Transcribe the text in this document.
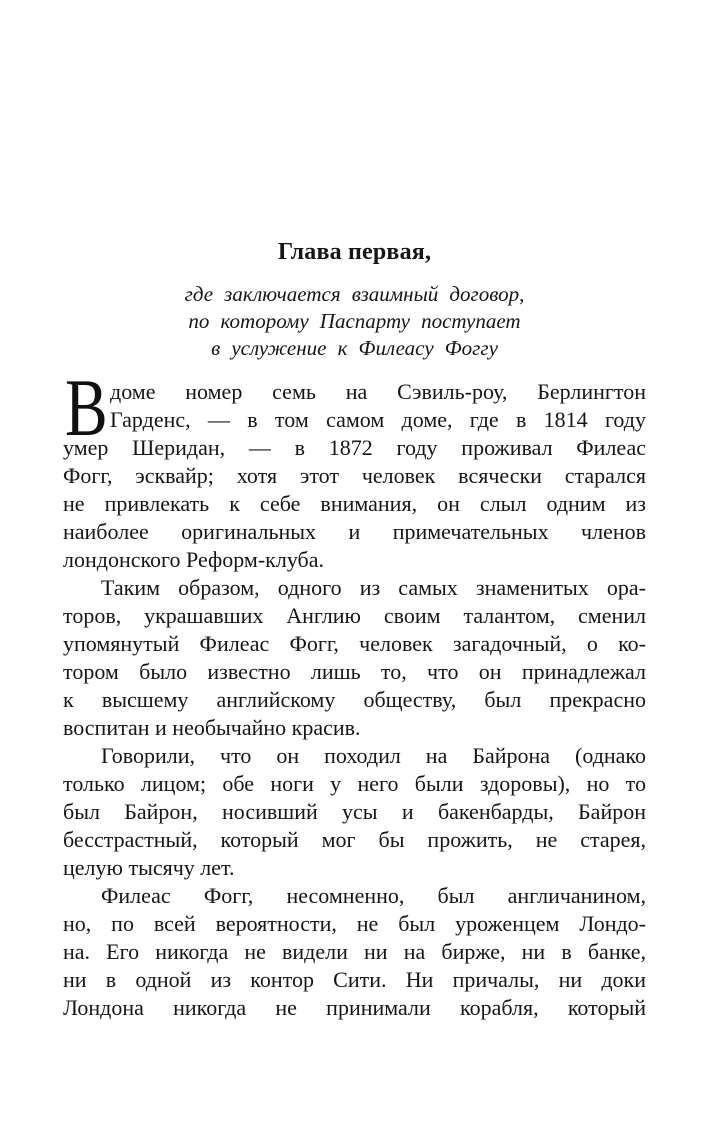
Глава первая,
где заключается взаимный договор,
по которому Паспарту поступает
в услужение к Филеасу Фоггу
В доме номер семь на Сэвиль-роу, Берлингтон
Гарденс, — в том самом доме, где в 1814 году
умер Шеридан, — в 1872 году проживал Филеас
Фогг, эсквайр; хотя этот человек всячески старался
не привлекать к себе внимания, он слыл одним из
наиболее оригинальных и примечательных членов
лондонского Реформ-клуба.
Таким образом, одного из самых знаменитых ора-
торов, украшавших Англию своим талантом, сменил
упомянутый Филеас Фогг, человек загадочный, о ко-
тором было известно лишь то, что он принадлежал
к высшему английскому обществу, был прекрасно
воспитан и необычайно красив.
Говорили, что он походил на Байрона (однако
только лицом; обе ноги у него были здоровы), но то
был Байрон, носивший усы и бакенбарды, Байрон
бесстрастный, который мог бы прожить, не старея,
целую тысячу лет.
Филеас Фогг, несомненно, был англичанином,
но, по всей вероятности, не был уроженцем Лондо-
на. Его никогда не видели ни на бирже, ни в банке,
ни в одной из контор Сити. Ни причалы, ни доки
Лондона никогда не принимали корабля, который
